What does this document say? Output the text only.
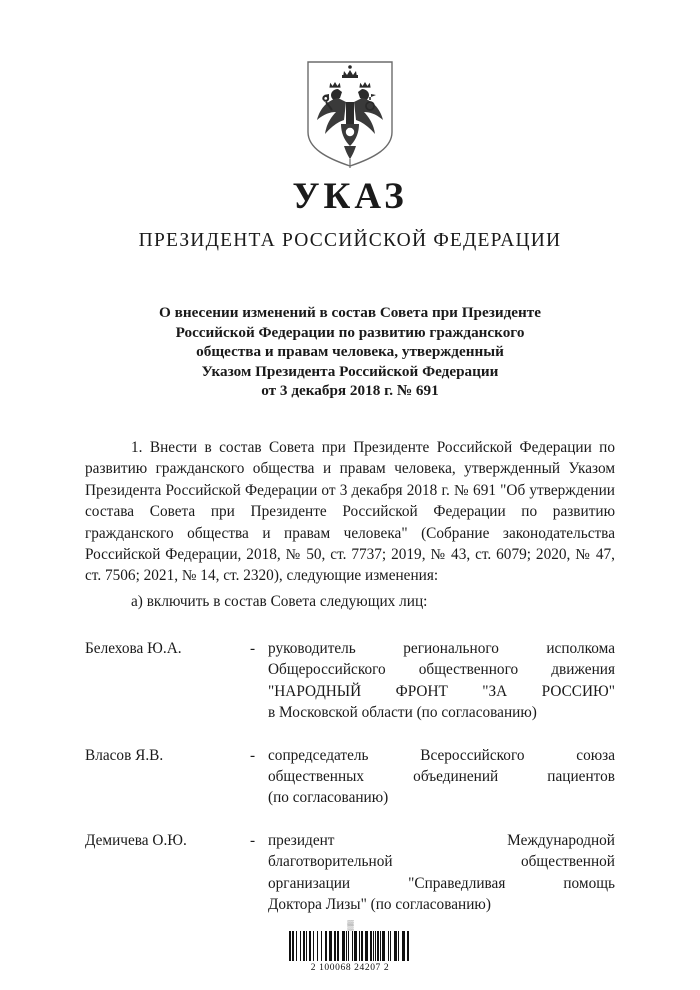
УКАЗ
ПРЕЗИДЕНТА РОССИЙСКОЙ ФЕДЕРАЦИИ
О внесении изменений в состав Совета при Президенте
Российской Федерации по развитию гражданского
общества и правам человека, утвержденный
Указом Президента Российской Федерации
от 3 декабря 2018 г. № 691

1. Внести в состав Совета при Президенте Российской Федерации по развитию гражданского общества и правам человека, утвержденный Указом Президента Российской Федерации от 3 декабря 2018 г. № 691 "Об утверждении состава Совета при Президенте Российской Федерации по развитию гражданского общества и правам человека" (Собрание законодательства Российской Федерации, 2018, № 50, ст. 7737; 2019, № 43, ст. 6079; 2020, № 47, ст. 7506; 2021, № 14, ст. 2320), следующие изменения:

а) включить в состав Совета следующих лиц:

Белехова Ю.А.	- руководитель регионального исполкома
Общероссийского общественного движения
"НАРОДНЫЙ ФРОНТ "ЗА РОССИЮ"
в Московской области (по согласованию)
Власов Я.В.	- сопредседатель Всероссийского союза
общественных объединений пациентов
(по согласованию)
Демичева О.Ю.	- президент Международной
благотворительной общественной
организации "Справедливая помощь
Доктора Лизы" (по согласованию)
▒
2 100068 24207 2
